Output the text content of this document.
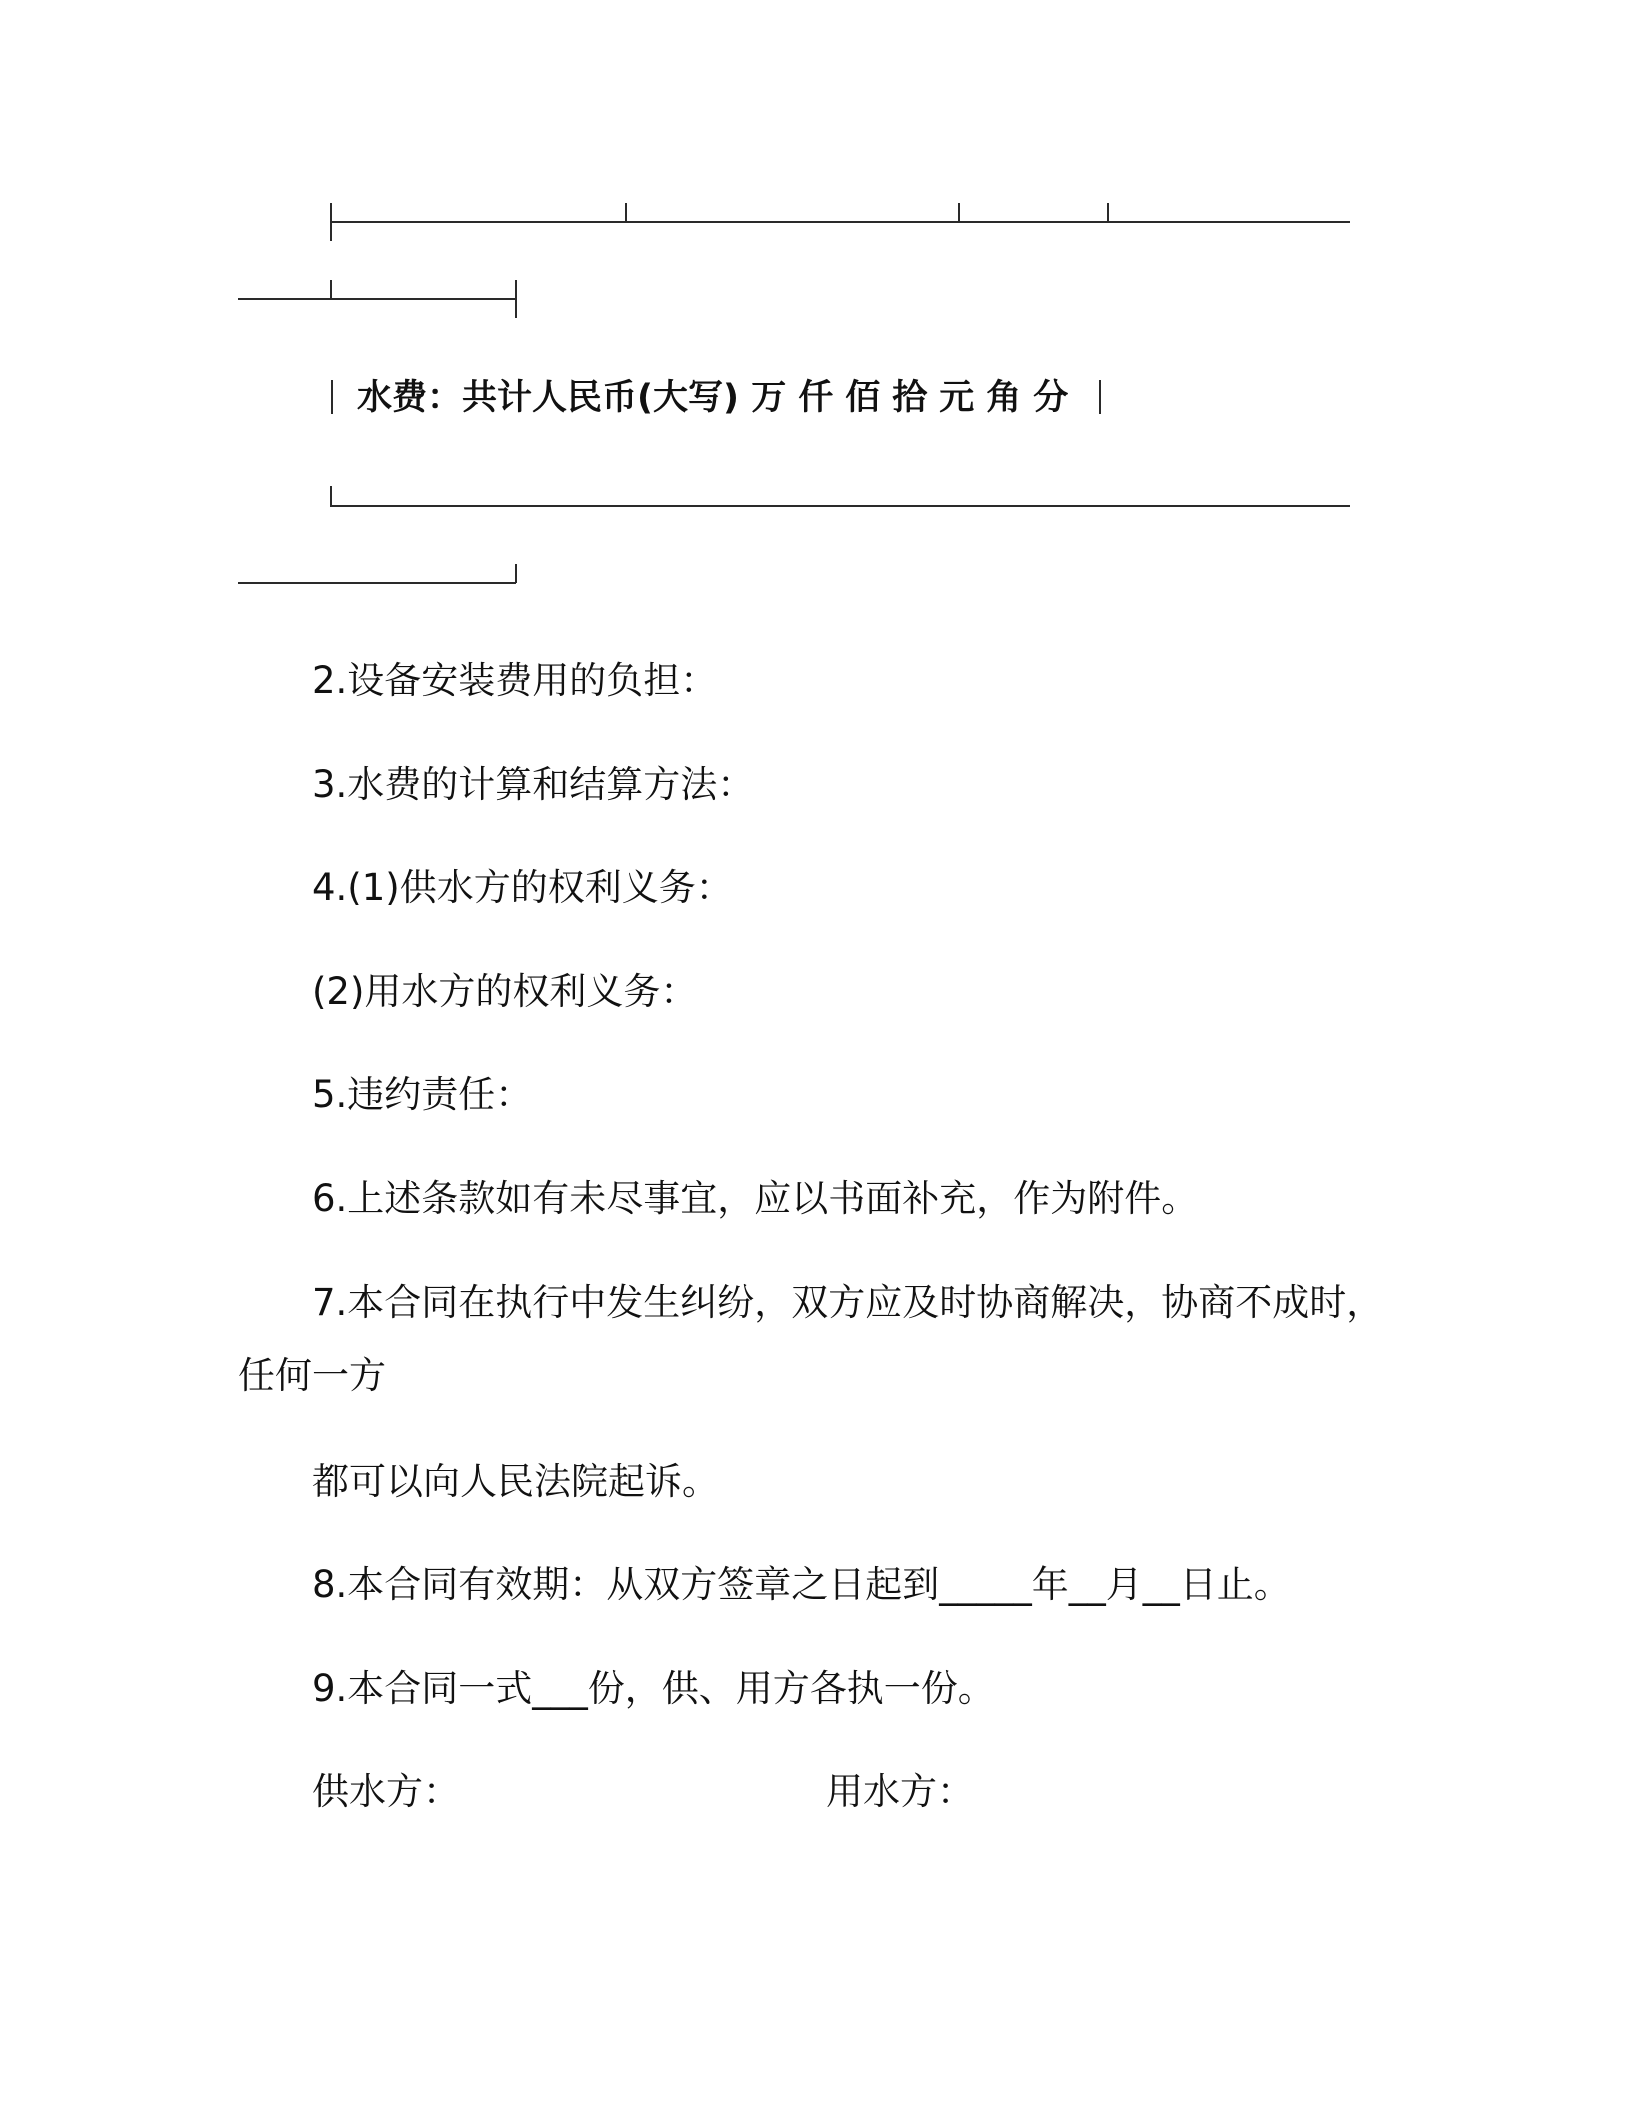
水费：共计人民币(大写) 万仟佰拾元角分
2.设备安装费用的负担：
3.水费的计算和结算方法：
4.(1)供水方的权利义务：
(2)用水方的权利义务：
5.违约责任：
6.上述条款如有未尽事宜，应以书面补充，作为附件。
7.本合同在执行中发生纠纷，双方应及时协商解决，协商不成时，
任何一方
都可以向人民法院起诉。
8.本合同有效期：从双方签章之日起到_____年__月__日止。
9.本合同一式___份，供、用方各执一份。
供水方：	用水方：
